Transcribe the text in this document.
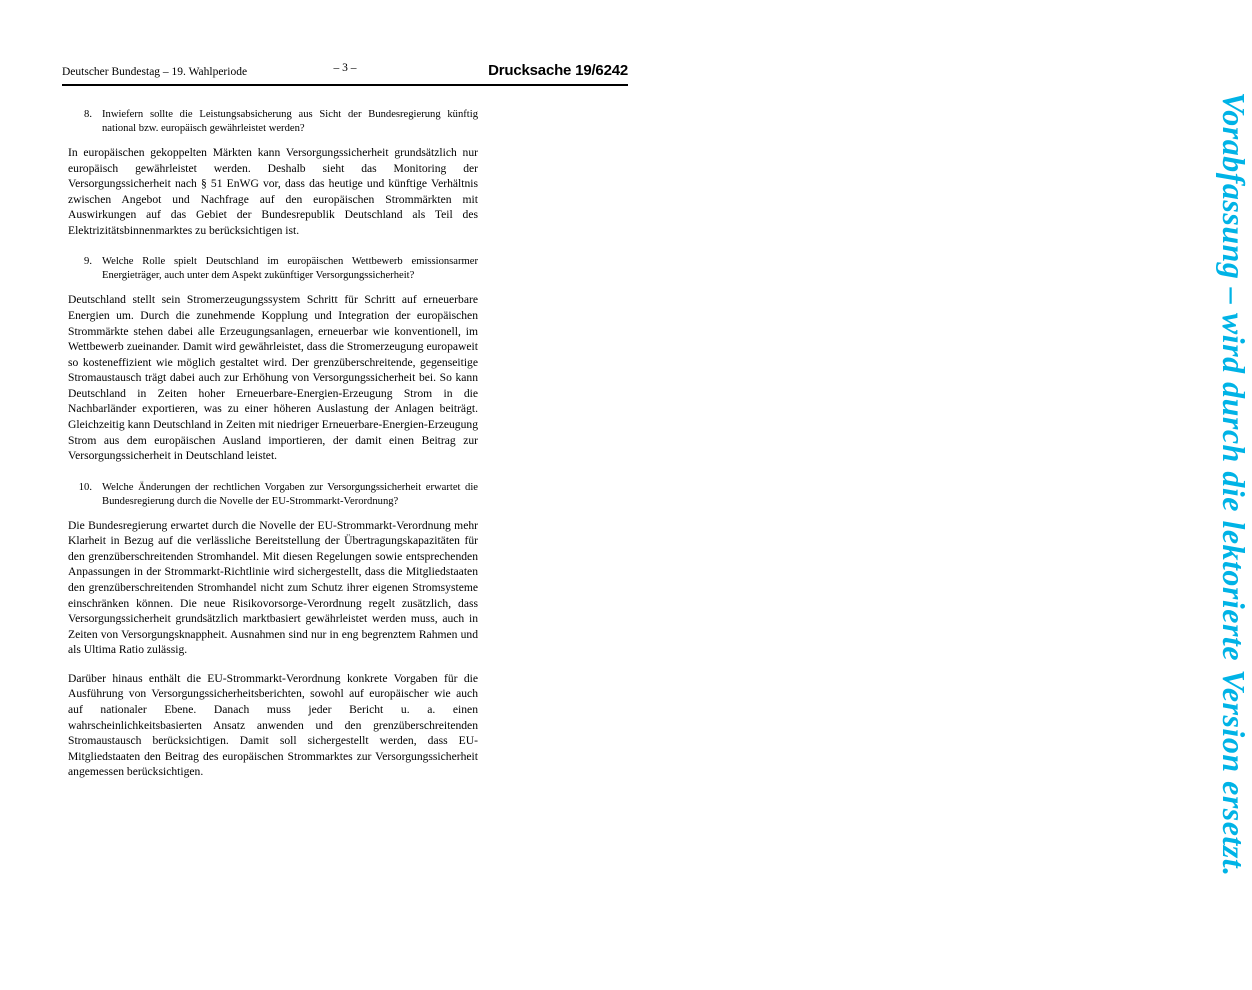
Deutscher Bundestag – 19. Wahlperiode	– 3 –	Drucksache 19/6242
8. Inwiefern sollte die Leistungsabsicherung aus Sicht der Bundesregierung künftig national bzw. europäisch gewährleistet werden?

In europäischen gekoppelten Märkten kann Versorgungssicherheit grundsätzlich nur europäisch gewährleistet werden. Deshalb sieht das Monitoring der Versorgungssicherheit nach § 51 EnWG vor, dass das heutige und künftige Verhältnis zwischen Angebot und Nachfrage auf den europäischen Strommärkten mit Auswirkungen auf das Gebiet der Bundesrepublik Deutschland als Teil des Elektrizitätsbinnenmarktes zu berücksichtigen ist.

9. Welche Rolle spielt Deutschland im europäischen Wettbewerb emissionsarmer Energieträger, auch unter dem Aspekt zukünftiger Versorgungssicherheit?

Deutschland stellt sein Stromerzeugungssystem Schritt für Schritt auf erneuerbare Energien um. Durch die zunehmende Kopplung und Integration der europäischen Strommärkte stehen dabei alle Erzeugungsanlagen, erneuerbar wie konventionell, im Wettbewerb zueinander. Damit wird gewährleistet, dass die Stromerzeugung europaweit so kosteneffizient wie möglich gestaltet wird. Der grenzüberschreitende, gegenseitige Stromaustausch trägt dabei auch zur Erhöhung von Versorgungssicherheit bei. So kann Deutschland in Zeiten hoher Erneuerbare-Energien-Erzeugung Strom in die Nachbarländer exportieren, was zu einer höheren Auslastung der Anlagen beiträgt. Gleichzeitig kann Deutschland in Zeiten mit niedriger Erneuerbare-Energien-Erzeugung Strom aus dem europäischen Ausland importieren, der damit einen Beitrag zur Versorgungssicherheit in Deutschland leistet.

10. Welche Änderungen der rechtlichen Vorgaben zur Versorgungssicherheit erwartet die Bundesregierung durch die Novelle der EU-Strommarkt-Verordnung?

Die Bundesregierung erwartet durch die Novelle der EU-Strommarkt-Verordnung mehr Klarheit in Bezug auf die verlässliche Bereitstellung der Übertragungskapazitäten für den grenzüberschreitenden Stromhandel. Mit diesen Regelungen sowie entsprechenden Anpassungen in der Strommarkt-Richtlinie wird sichergestellt, dass die Mitgliedstaaten den grenzüberschreitenden Stromhandel nicht zum Schutz ihrer eigenen Stromsysteme einschränken können. Die neue Risikovorsorge-Verordnung regelt zusätzlich, dass Versorgungssicherheit grundsätzlich marktbasiert gewährleistet werden muss, auch in Zeiten von Versorgungsknappheit. Ausnahmen sind nur in eng begrenztem Rahmen und als Ultima Ratio zulässig.

Darüber hinaus enthält die EU-Strommarkt-Verordnung konkrete Vorgaben für die Ausführung von Versorgungssicherheitsberichten, sowohl auf europäischer wie auch auf nationaler Ebene. Danach muss jeder Bericht u. a. einen wahrscheinlichkeitsbasierten Ansatz anwenden und den grenzüberschreitenden Stromaustausch berücksichtigen. Damit soll sichergestellt werden, dass EU-Mitgliedstaaten den Beitrag des europäischen Strommarktes zur Versorgungssicherheit angemessen berücksichtigen.	Vorabfassung – wird durch die lektorierte Version ersetzt.
